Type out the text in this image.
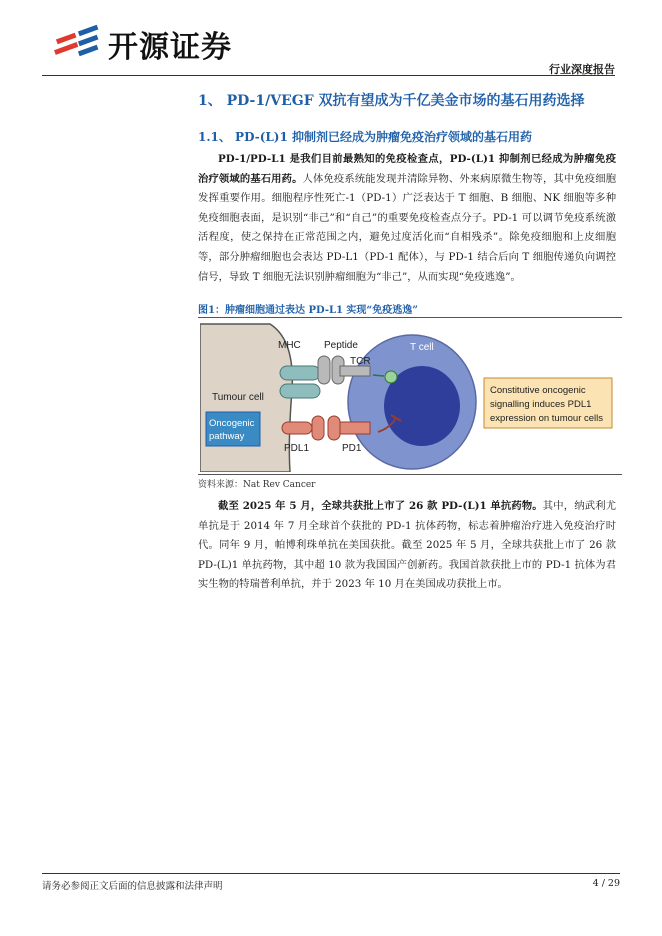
开源证券
行业深度报告
1、 PD-1/VEGF 双抗有望成为千亿美金市场的基石用药选择
1.1、 PD-(L)1 抑制剂已经成为肿瘤免疫治疗领域的基石用药
PD-1/PD-L1 是我们目前最熟知的免疫检查点，PD-(L)1 抑制剂已经成为肿瘤免疫治疗领域的基石用药。人体免疫系统能发现并清除异物、外来病原微生物等，其中免疫细胞发挥重要作用。细胞程序性死亡-1（PD-1）广泛表达于 T 细胞、B 细胞、NK 细胞等多种免疫细胞表面，是识别“非己”和“自己”的重要免疫检查点分子。PD-1 可以调节免疫系统激活程度，使之保持在正常范围之内，避免过度活化而“自相残杀”。除免疫细胞和上皮细胞等，部分肿瘤细胞也会表达 PD-L1（PD-1 配体），与 PD-1 结合后向 T 细胞传递负向调控信号，导致 T 细胞无法识别肿瘤细胞为“非己”，从而实现“免疫逃逸”。
图1：肿瘤细胞通过表达 PD-L1 实现“免疫逃逸”
MHC Peptide
TCR
T cell
Tumour cell
Oncogenic
pathway
PDL1	PD1
Constitutive oncogenic
signalling induces PDL1
expression on tumour cells
资料来源：Nat Rev Cancer
截至 2025 年 5 月，全球共获批上市了 26 款 PD-(L)1 单抗药物。其中，纳武利尤单抗是于 2014 年 7 月全球首个获批的 PD-1 抗体药物，标志着肿瘤治疗进入免疫治疗时代。同年 9 月，帕博利珠单抗在美国获批。截至 2025 年 5 月，全球共获批上市了 26 款 PD-(L)1 单抗药物，其中超 10 款为我国国产创新药。我国首款获批上市的 PD-1 抗体为君实生物的特瑞普利单抗，并于 2023 年 10 月在美国成功获批上市。
请务必参阅正文后面的信息披露和法律声明	4 / 29
